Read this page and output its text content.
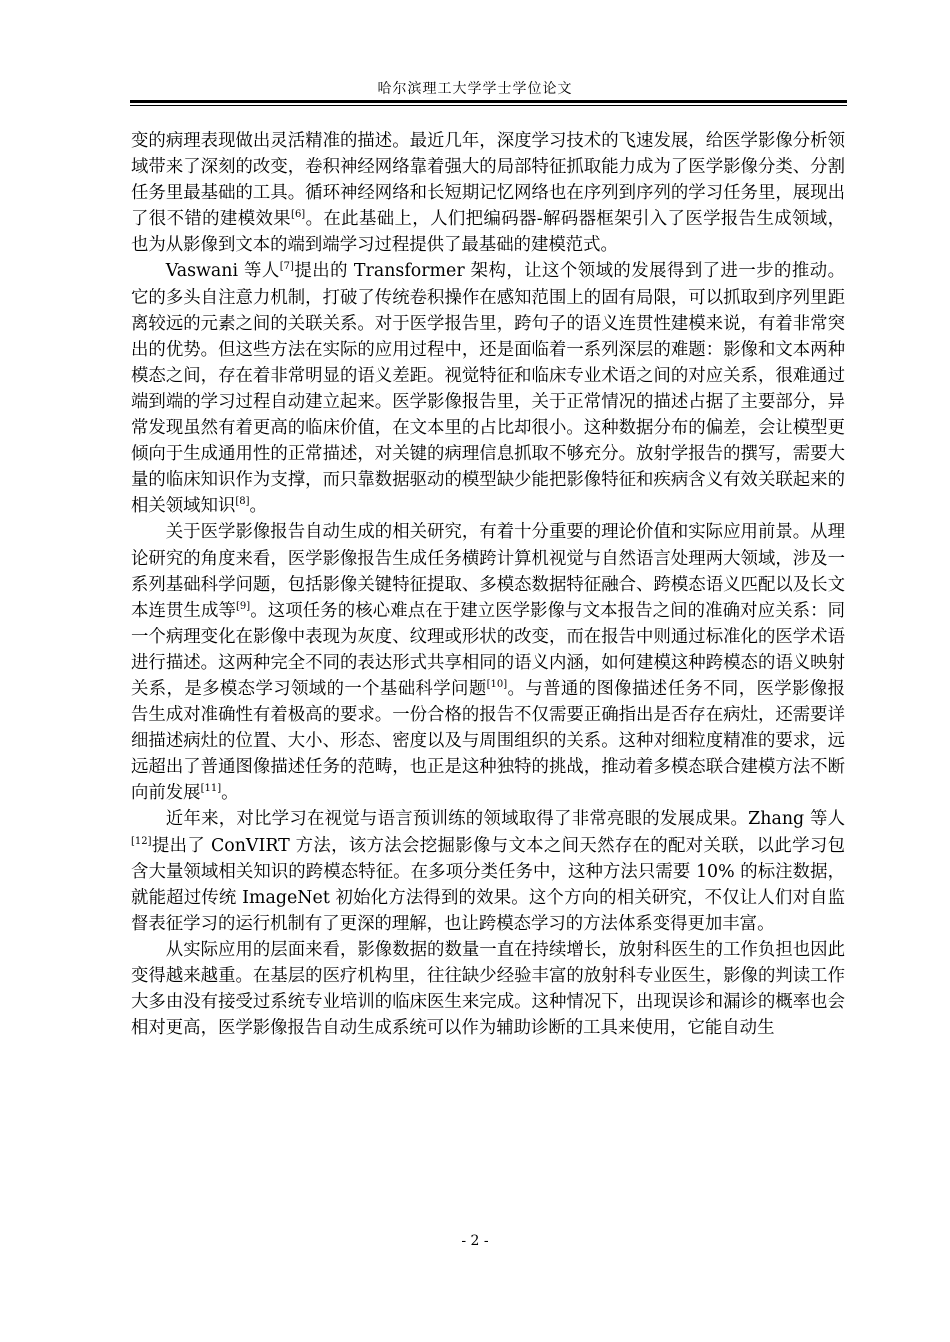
哈尔滨理工大学学士学位论文

变的病理表现做出灵活精准的描述。最近几年，深度学习技术的飞速发展，给医学影像分析领域带来了深刻的改变，卷积神经网络靠着强大的局部特征抓取能力成为了医学影像分类、分割任务里最基础的工具。循环神经网络和长短期记忆网络也在序列到序列的学习任务里，展现出了很不错的建模效果[6]。在此基础上，人们把编码器-解码器框架引入了医学报告生成领域，也为从影像到文本的端到端学习过程提供了最基础的建模范式。

Vaswani 等人[7]提出的 Transformer 架构，让这个领域的发展得到了进一步的推动。它的多头自注意力机制，打破了传统卷积操作在感知范围上的固有局限，可以抓取到序列里距离较远的元素之间的关联关系。对于医学报告里，跨句子的语义连贯性建模来说，有着非常突出的优势。但这些方法在实际的应用过程中，还是面临着一系列深层的难题：影像和文本两种模态之间，存在着非常明显的语义差距。视觉特征和临床专业术语之间的对应关系，很难通过端到端的学习过程自动建立起来。医学影像报告里，关于正常情况的描述占据了主要部分，异常发现虽然有着更高的临床价值，在文本里的占比却很小。这种数据分布的偏差，会让模型更倾向于生成通用性的正常描述，对关键的病理信息抓取不够充分。放射学报告的撰写，需要大量的临床知识作为支撑，而只靠数据驱动的模型缺少能把影像特征和疾病含义有效关联起来的相关领域知识[8]。

关于医学影像报告自动生成的相关研究，有着十分重要的理论价值和实际应用前景。从理论研究的角度来看，医学影像报告生成任务横跨计算机视觉与自然语言处理两大领域，涉及一系列基础科学问题，包括影像关键特征提取、多模态数据特征融合、跨模态语义匹配以及长文本连贯生成等[9]。这项任务的核心难点在于建立医学影像与文本报告之间的准确对应关系：同一个病理变化在影像中表现为灰度、纹理或形状的改变，而在报告中则通过标准化的医学术语进行描述。这两种完全不同的表达形式共享相同的语义内涵，如何建模这种跨模态的语义映射关系，是多模态学习领域的一个基础科学问题[10]。与普通的图像描述任务不同，医学影像报告生成对准确性有着极高的要求。一份合格的报告不仅需要正确指出是否存在病灶，还需要详细描述病灶的位置、大小、形态、密度以及与周围组织的关系。这种对细粒度精准的要求，远远超出了普通图像描述任务的范畴，也正是这种独特的挑战，推动着多模态联合建模方法不断向前发展[11]。

近年来，对比学习在视觉与语言预训练的领域取得了非常亮眼的发展成果。Zhang 等人[12]提出了 ConVIRT 方法，该方法会挖掘影像与文本之间天然存在的配对关联，以此学习包含大量领域相关知识的跨模态特征。在多项分类任务中，这种方法只需要 10% 的标注数据，就能超过传统 ImageNet 初始化方法得到的效果。这个方向的相关研究，不仅让人们对自监督表征学习的运行机制有了更深的理解，也让跨模态学习的方法体系变得更加丰富。

从实际应用的层面来看，影像数据的数量一直在持续增长，放射科医生的工作负担也因此变得越来越重。在基层的医疗机构里，往往缺少经验丰富的放射科专业医生，影像的判读工作大多由没有接受过系统专业培训的临床医生来完成。这种情况下，出现误诊和漏诊的概率也会相对更高，医学影像报告自动生成系统可以作为辅助诊断的工具来使用，它能自动生

- 2 -
